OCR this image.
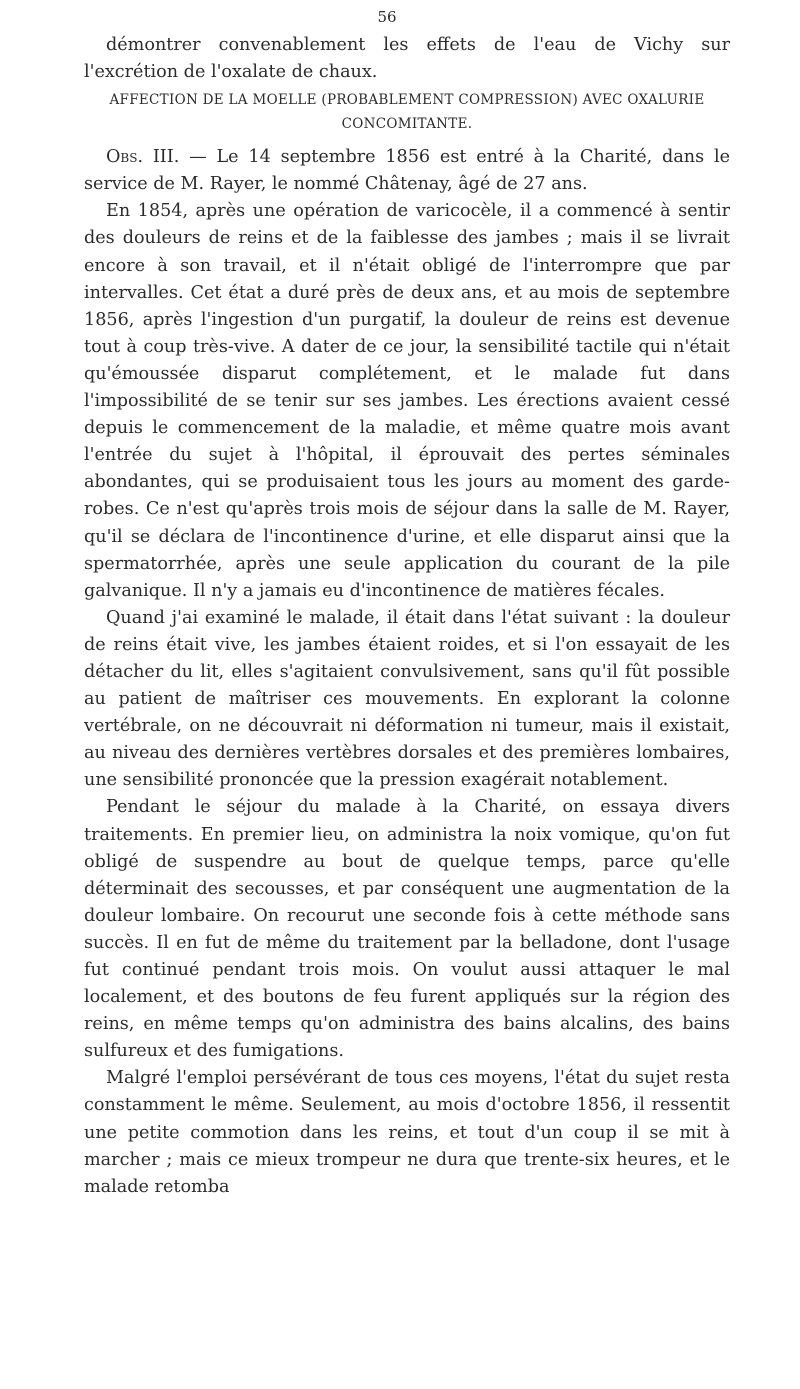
56

démontrer convenablement les effets de l'eau de Vichy sur l'excrétion de l'oxalate de chaux.

AFFECTION DE LA MOELLE (PROBABLEMENT COMPRESSION) AVEC OXALURIE CONCOMITANTE.

Obs. III. — Le 14 septembre 1856 est entré à la Charité, dans le service de M. Rayer, le nommé Châtenay, âgé de 27 ans.

En 1854, après une opération de varicocèle, il a commencé à sentir des douleurs de reins et de la faiblesse des jambes ; mais il se livrait encore à son travail, et il n'était obligé de l'interrompre que par intervalles. Cet état a duré près de deux ans, et au mois de septembre 1856, après l'ingestion d'un purgatif, la douleur de reins est devenue tout à coup très-vive. A dater de ce jour, la sensibilité tactile qui n'était qu'émoussée disparut complétement, et le malade fut dans l'impossibilité de se tenir sur ses jambes. Les érections avaient cessé depuis le commencement de la maladie, et même quatre mois avant l'entrée du sujet à l'hôpital, il éprouvait des pertes séminales abondantes, qui se produisaient tous les jours au moment des garde-robes. Ce n'est qu'après trois mois de séjour dans la salle de M. Rayer, qu'il se déclara de l'incontinence d'urine, et elle disparut ainsi que la spermatorrhée, après une seule application du courant de la pile galvanique. Il n'y a jamais eu d'incontinence de matières fécales.

Quand j'ai examiné le malade, il était dans l'état suivant : la douleur de reins était vive, les jambes étaient roides, et si l'on essayait de les détacher du lit, elles s'agitaient convulsivement, sans qu'il fût possible au patient de maîtriser ces mouvements. En explorant la colonne vertébrale, on ne découvrait ni déformation ni tumeur, mais il existait, au niveau des dernières vertèbres dorsales et des premières lombaires, une sensibilité prononcée que la pression exagérait notablement.

Pendant le séjour du malade à la Charité, on essaya divers traitements. En premier lieu, on administra la noix vomique, qu'on fut obligé de suspendre au bout de quelque temps, parce qu'elle déterminait des secousses, et par conséquent une augmentation de la douleur lombaire. On recourut une seconde fois à cette méthode sans succès. Il en fut de même du traitement par la belladone, dont l'usage fut continué pendant trois mois. On voulut aussi attaquer le mal localement, et des boutons de feu furent appliqués sur la région des reins, en même temps qu'on administra des bains alcalins, des bains sulfureux et des fumigations.

Malgré l'emploi persévérant de tous ces moyens, l'état du sujet resta constamment le même. Seulement, au mois d'octobre 1856, il ressentit une petite commotion dans les reins, et tout d'un coup il se mit à marcher ; mais ce mieux trompeur ne dura que trente-six heures, et le malade retomba
